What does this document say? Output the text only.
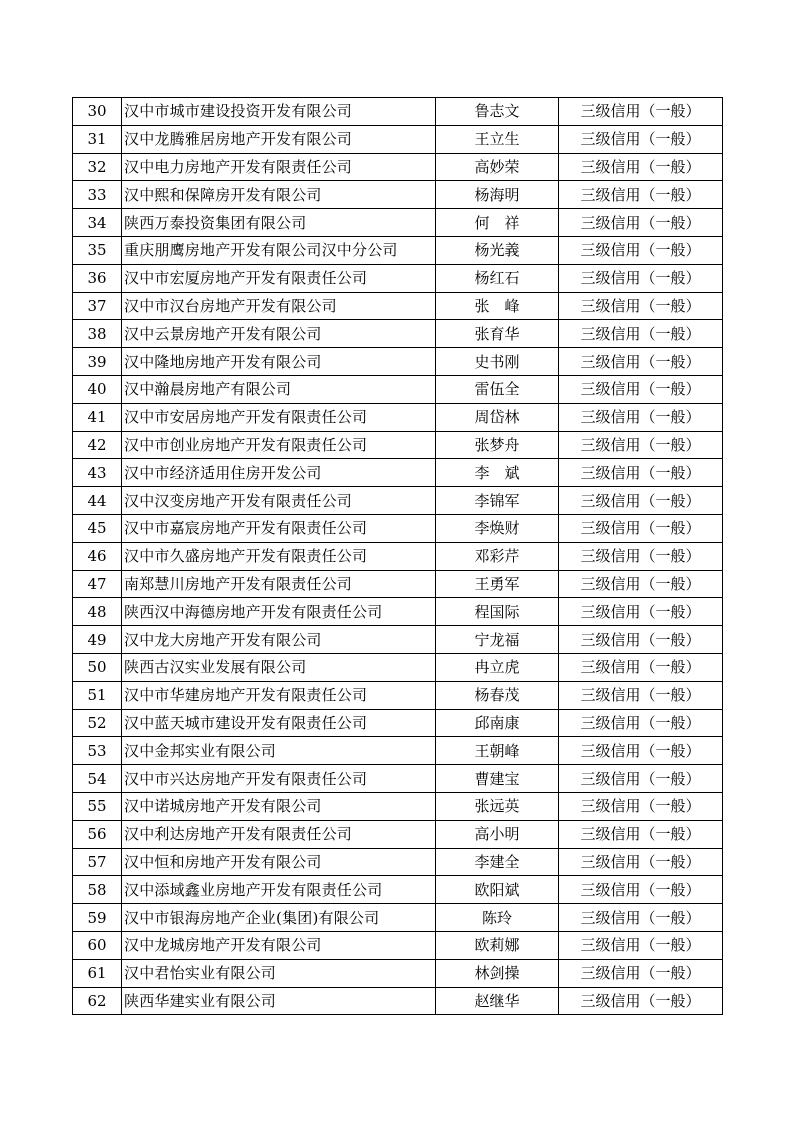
30	汉中市城市建设投资开发有限公司	鲁志文	三级信用（一般）
31	汉中龙腾雅居房地产开发有限公司	王立生	三级信用（一般）
32	汉中电力房地产开发有限责任公司	高妙荣	三级信用（一般）
33	汉中熙和保障房开发有限公司	杨海明	三级信用（一般）
34	陕西万泰投资集团有限公司	何　祥	三级信用（一般）
35	重庆朋鹰房地产开发有限公司汉中分公司	杨光義	三级信用（一般）
36	汉中市宏厦房地产开发有限责任公司	杨红石	三级信用（一般）
37	汉中市汉台房地产开发有限公司	张　峰	三级信用（一般）
38	汉中云景房地产开发有限公司	张育华	三级信用（一般）
39	汉中隆地房地产开发有限公司	史书刚	三级信用（一般）
40	汉中瀚晨房地产有限公司	雷伍全	三级信用（一般）
41	汉中市安居房地产开发有限责任公司	周岱林	三级信用（一般）
42	汉中市创业房地产开发有限责任公司	张梦舟	三级信用（一般）
43	汉中市经济适用住房开发公司	李　斌	三级信用（一般）
44	汉中汉变房地产开发有限责任公司	李锦军	三级信用（一般）
45	汉中市嘉宸房地产开发有限责任公司	李焕财	三级信用（一般）
46	汉中市久盛房地产开发有限责任公司	邓彩芹	三级信用（一般）
47	南郑慧川房地产开发有限责任公司	王勇军	三级信用（一般）
48	陕西汉中海德房地产开发有限责任公司	程国际	三级信用（一般）
49	汉中龙大房地产开发有限公司	宁龙福	三级信用（一般）
50	陕西古汉实业发展有限公司	冉立虎	三级信用（一般）
51	汉中市华建房地产开发有限责任公司	杨春茂	三级信用（一般）
52	汉中蓝天城市建设开发有限责任公司	邱南康	三级信用（一般）
53	汉中金邦实业有限公司	王朝峰	三级信用（一般）
54	汉中市兴达房地产开发有限责任公司	曹建宝	三级信用（一般）
55	汉中诺城房地产开发有限公司	张远英	三级信用（一般）
56	汉中利达房地产开发有限责任公司	高小明	三级信用（一般）
57	汉中恒和房地产开发有限公司	李建全	三级信用（一般）
58	汉中添域鑫业房地产开发有限责任公司	欧阳斌	三级信用（一般）
59	汉中市银海房地产企业(集团)有限公司	陈玲	三级信用（一般）
60	汉中龙城房地产开发有限公司	欧莉娜	三级信用（一般）
61	汉中君怡实业有限公司	林剑操	三级信用（一般）
62	陕西华建实业有限公司	赵继华	三级信用（一般）
